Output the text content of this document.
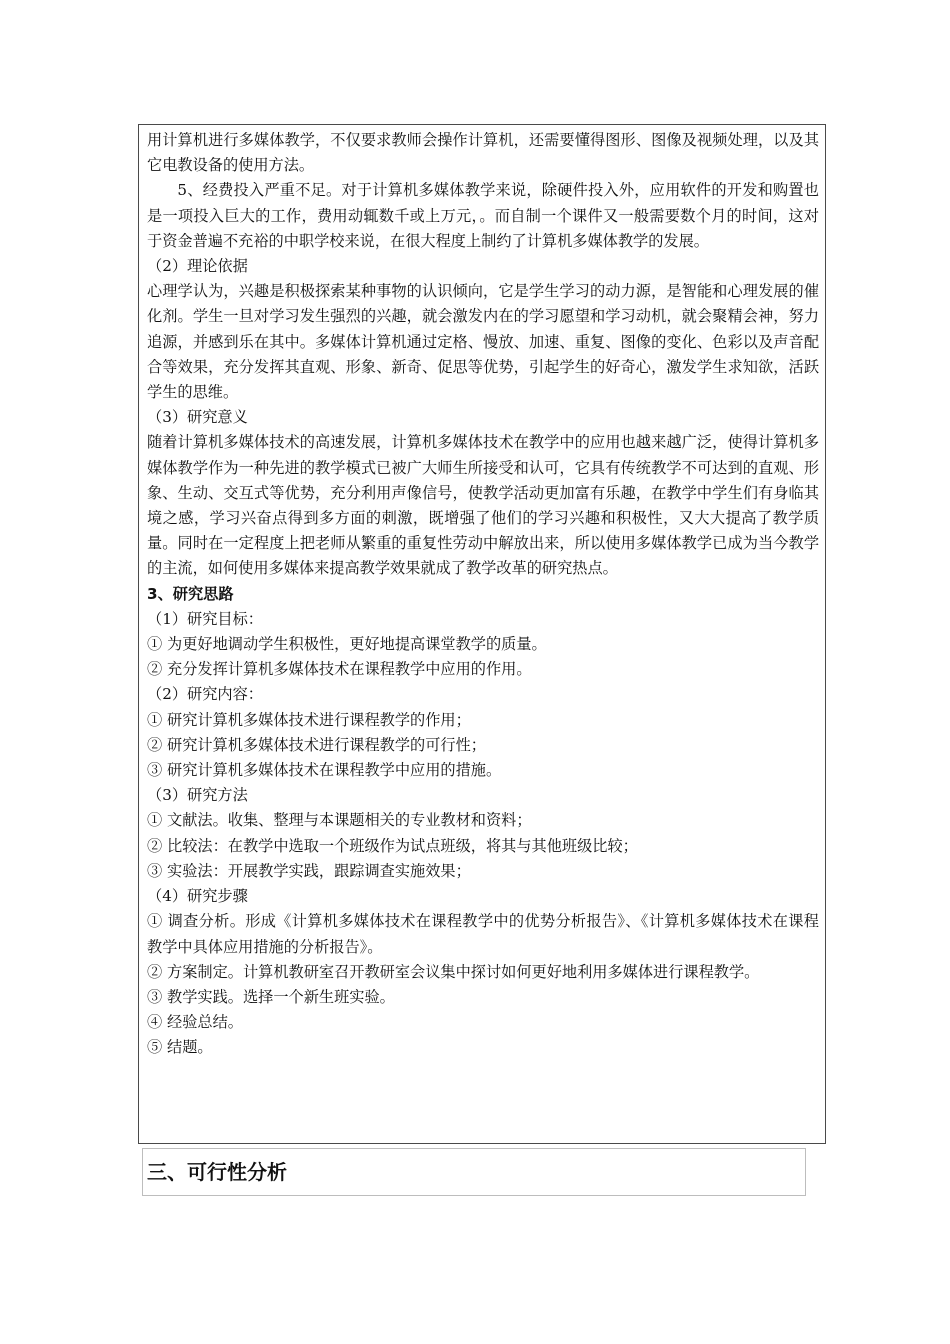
用计算机进行多媒体教学，不仅要求教师会操作计算机，还需要懂得图形、图像及视频处理，以及其它电教设备的使用方法。

5、经费投入严重不足。对于计算机多媒体教学来说，除硬件投入外，应用软件的开发和购置也是一项投入巨大的工作，费用动辄数千或上万元，。而自制一个课件又一般需要数个月的时间，这对于资金普遍不充裕的中职学校来说，在很大程度上制约了计算机多媒体教学的发展。

（2）理论依据

心理学认为，兴趣是积极探索某种事物的认识倾向，它是学生学习的动力源，是智能和心理发展的催化剂。学生一旦对学习发生强烈的兴趣，就会激发内在的学习愿望和学习动机，就会聚精会神，努力追源，并感到乐在其中。多媒体计算机通过定格、慢放、加速、重复、图像的变化、色彩以及声音配合等效果，充分发挥其直观、形象、新奇、促思等优势，引起学生的好奇心，激发学生求知欲，活跃学生的思维。

（3）研究意义

随着计算机多媒体技术的高速发展，计算机多媒体技术在教学中的应用也越来越广泛，使得计算机多媒体教学作为一种先进的教学模式已被广大师生所接受和认可，它具有传统教学不可达到的直观、形象、生动、交互式等优势，充分利用声像信号，使教学活动更加富有乐趣，在教学中学生们有身临其境之感，学习兴奋点得到多方面的刺激，既增强了他们的学习兴趣和积极性，又大大提高了教学质量。同时在一定程度上把老师从繁重的重复性劳动中解放出来，所以使用多媒体教学已成为当今教学的主流，如何使用多媒体来提高教学效果就成了教学改革的研究热点。

3、研究思路

（1）研究目标：

① 为更好地调动学生积极性，更好地提高课堂教学的质量。

② 充分发挥计算机多媒体技术在课程教学中应用的作用。

（2）研究内容：

① 研究计算机多媒体技术进行课程教学的作用；

② 研究计算机多媒体技术进行课程教学的可行性；

③ 研究计算机多媒体技术在课程教学中应用的措施。

（3）研究方法

① 文献法。收集、整理与本课题相关的专业教材和资料；

② 比较法：在教学中选取一个班级作为试点班级，将其与其他班级比较；

③ 实验法：开展教学实践，跟踪调查实施效果；

（4）研究步骤

① 调查分析。形成《计算机多媒体技术在课程教学中的优势分析报告》、《计算机多媒体技术在课程教学中具体应用措施的分析报告》。

② 方案制定。计算机教研室召开教研室会议集中探讨如何更好地利用多媒体进行课程教学。

③ 教学实践。选择一个新生班实验。

④ 经验总结。

⑤ 结题。

三、可行性分析
